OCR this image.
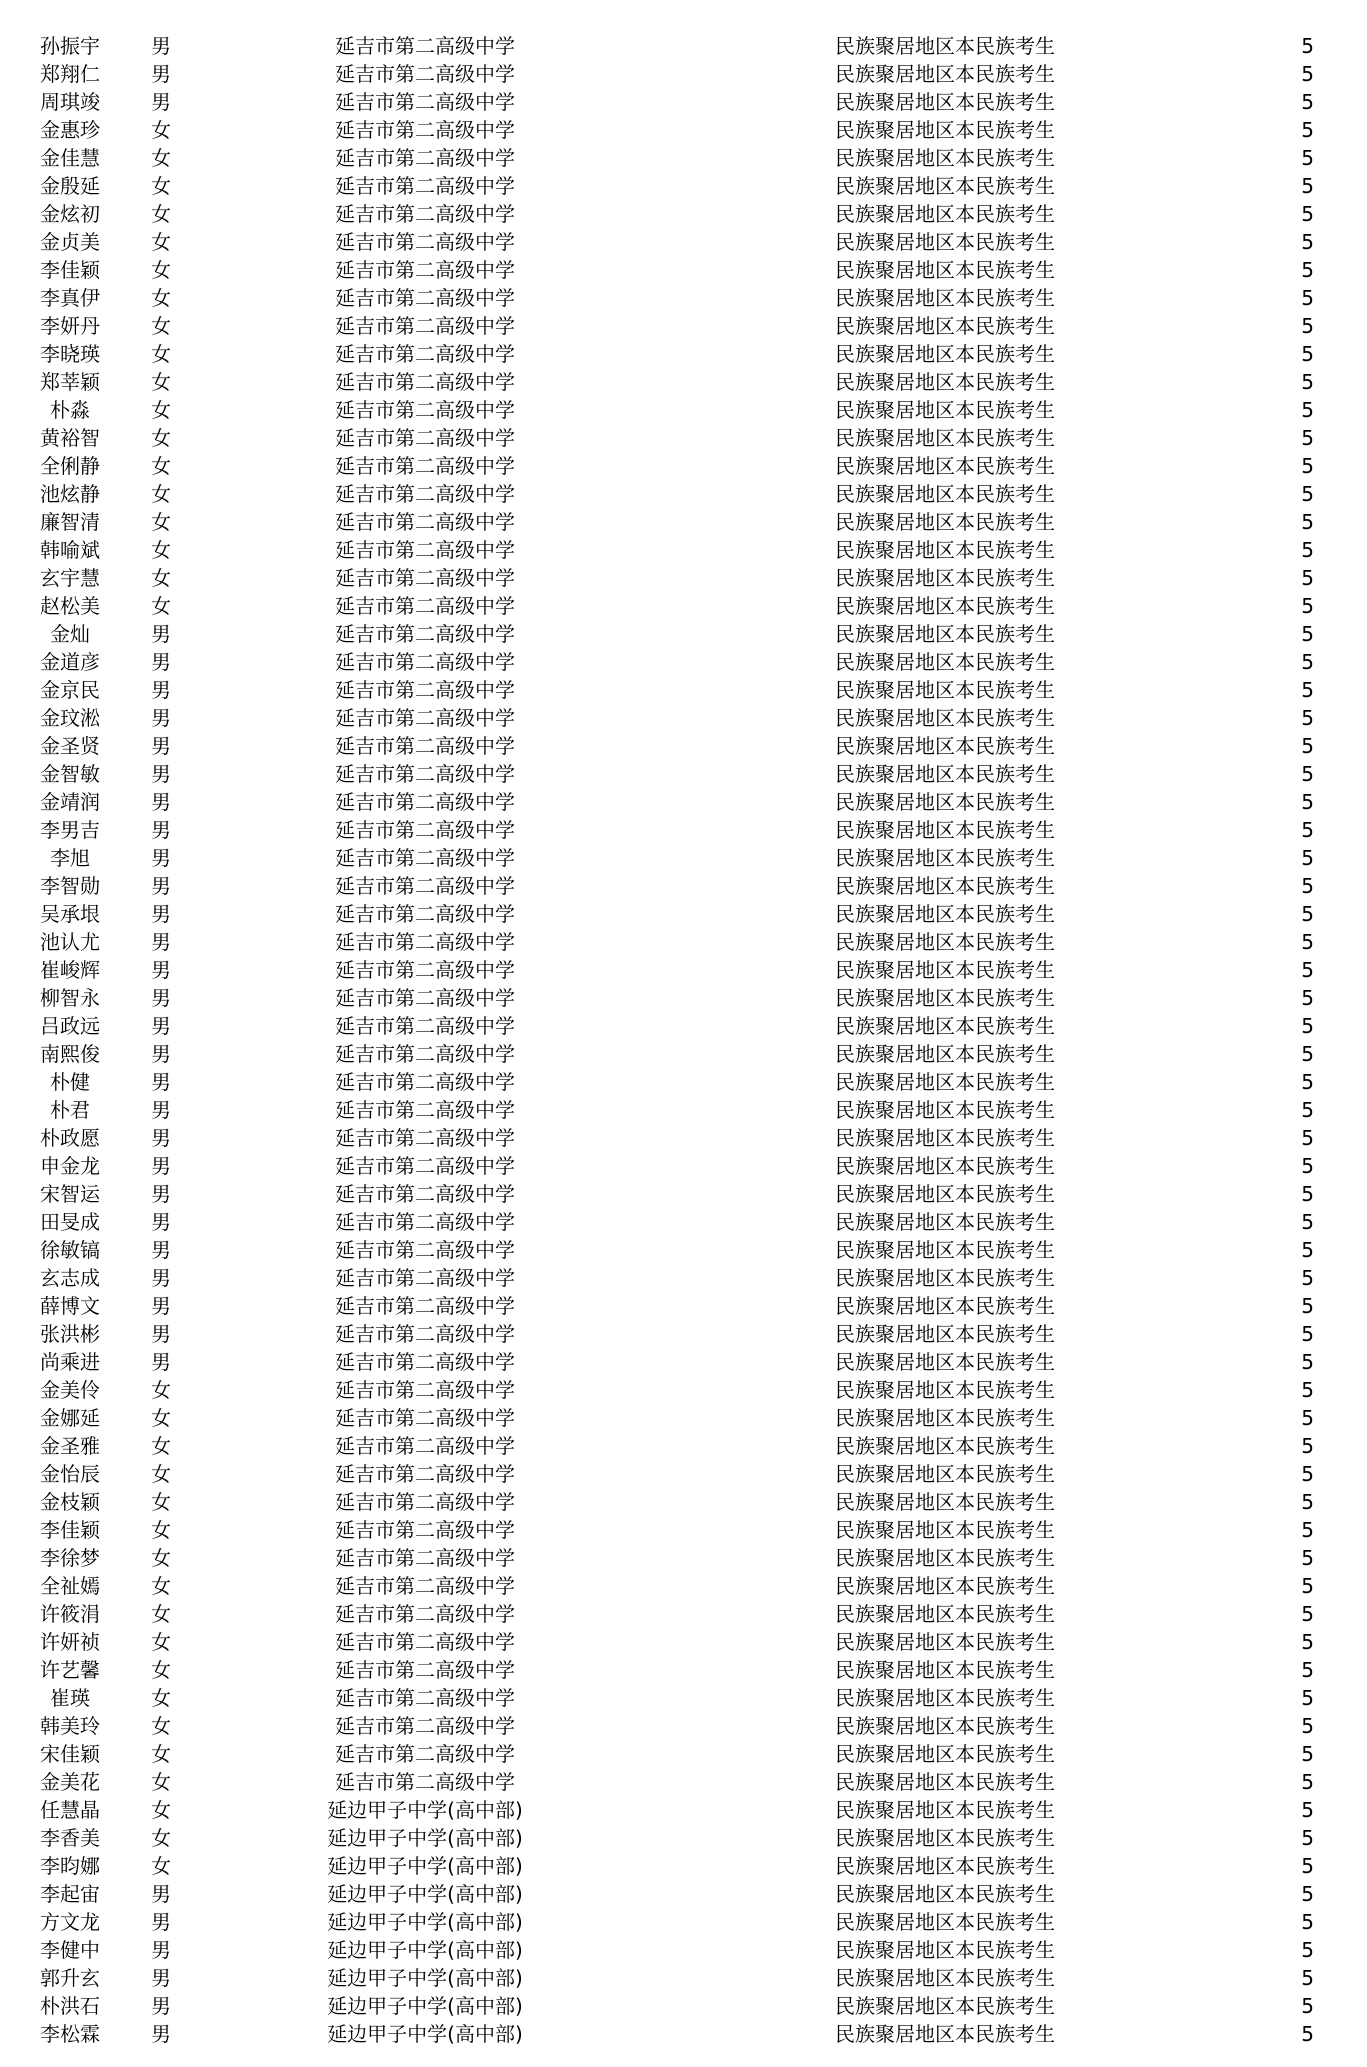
孙振宇	男	延吉市第二高级中学	民族聚居地区本民族考生	5
郑翔仁	男	延吉市第二高级中学	民族聚居地区本民族考生	5
周琪竣	男	延吉市第二高级中学	民族聚居地区本民族考生	5
金惠珍	女	延吉市第二高级中学	民族聚居地区本民族考生	5
金佳慧	女	延吉市第二高级中学	民族聚居地区本民族考生	5
金殷延	女	延吉市第二高级中学	民族聚居地区本民族考生	5
金炫初	女	延吉市第二高级中学	民族聚居地区本民族考生	5
金贞美	女	延吉市第二高级中学	民族聚居地区本民族考生	5
李佳颖	女	延吉市第二高级中学	民族聚居地区本民族考生	5
李真伊	女	延吉市第二高级中学	民族聚居地区本民族考生	5
李妍丹	女	延吉市第二高级中学	民族聚居地区本民族考生	5
李晓瑛	女	延吉市第二高级中学	民族聚居地区本民族考生	5
郑莘颖	女	延吉市第二高级中学	民族聚居地区本民族考生	5
朴淼	女	延吉市第二高级中学	民族聚居地区本民族考生	5
黄裕智	女	延吉市第二高级中学	民族聚居地区本民族考生	5
全俐静	女	延吉市第二高级中学	民族聚居地区本民族考生	5
池炫静	女	延吉市第二高级中学	民族聚居地区本民族考生	5
廉智清	女	延吉市第二高级中学	民族聚居地区本民族考生	5
韩喻斌	女	延吉市第二高级中学	民族聚居地区本民族考生	5
玄宇慧	女	延吉市第二高级中学	民族聚居地区本民族考生	5
赵松美	女	延吉市第二高级中学	民族聚居地区本民族考生	5
金灿	男	延吉市第二高级中学	民族聚居地区本民族考生	5
金道彦	男	延吉市第二高级中学	民族聚居地区本民族考生	5
金京民	男	延吉市第二高级中学	民族聚居地区本民族考生	5
金玟淞	男	延吉市第二高级中学	民族聚居地区本民族考生	5
金圣贤	男	延吉市第二高级中学	民族聚居地区本民族考生	5
金智敏	男	延吉市第二高级中学	民族聚居地区本民族考生	5
金靖润	男	延吉市第二高级中学	民族聚居地区本民族考生	5
李男吉	男	延吉市第二高级中学	民族聚居地区本民族考生	5
李旭	男	延吉市第二高级中学	民族聚居地区本民族考生	5
李智勋	男	延吉市第二高级中学	民族聚居地区本民族考生	5
吴承垠	男	延吉市第二高级中学	民族聚居地区本民族考生	5
池认尤	男	延吉市第二高级中学	民族聚居地区本民族考生	5
崔峻辉	男	延吉市第二高级中学	民族聚居地区本民族考生	5
柳智永	男	延吉市第二高级中学	民族聚居地区本民族考生	5
吕政远	男	延吉市第二高级中学	民族聚居地区本民族考生	5
南熙俊	男	延吉市第二高级中学	民族聚居地区本民族考生	5
朴健	男	延吉市第二高级中学	民族聚居地区本民族考生	5
朴君	男	延吉市第二高级中学	民族聚居地区本民族考生	5
朴政愿	男	延吉市第二高级中学	民族聚居地区本民族考生	5
申金龙	男	延吉市第二高级中学	民族聚居地区本民族考生	5
宋智运	男	延吉市第二高级中学	民族聚居地区本民族考生	5
田旻成	男	延吉市第二高级中学	民族聚居地区本民族考生	5
徐敏镐	男	延吉市第二高级中学	民族聚居地区本民族考生	5
玄志成	男	延吉市第二高级中学	民族聚居地区本民族考生	5
薛博文	男	延吉市第二高级中学	民族聚居地区本民族考生	5
张洪彬	男	延吉市第二高级中学	民族聚居地区本民族考生	5
尚乘进	男	延吉市第二高级中学	民族聚居地区本民族考生	5
金美伶	女	延吉市第二高级中学	民族聚居地区本民族考生	5
金娜延	女	延吉市第二高级中学	民族聚居地区本民族考生	5
金圣雅	女	延吉市第二高级中学	民族聚居地区本民族考生	5
金怡辰	女	延吉市第二高级中学	民族聚居地区本民族考生	5
金枝颖	女	延吉市第二高级中学	民族聚居地区本民族考生	5
李佳颖	女	延吉市第二高级中学	民族聚居地区本民族考生	5
李徐梦	女	延吉市第二高级中学	民族聚居地区本民族考生	5
全祉嫣	女	延吉市第二高级中学	民族聚居地区本民族考生	5
许筱涓	女	延吉市第二高级中学	民族聚居地区本民族考生	5
许妍祯	女	延吉市第二高级中学	民族聚居地区本民族考生	5
许艺馨	女	延吉市第二高级中学	民族聚居地区本民族考生	5
崔瑛	女	延吉市第二高级中学	民族聚居地区本民族考生	5
韩美玲	女	延吉市第二高级中学	民族聚居地区本民族考生	5
宋佳颖	女	延吉市第二高级中学	民族聚居地区本民族考生	5
金美花	女	延吉市第二高级中学	民族聚居地区本民族考生	5
任慧晶	女	延边甲子中学(高中部)	民族聚居地区本民族考生	5
李香美	女	延边甲子中学(高中部)	民族聚居地区本民族考生	5
李昀娜	女	延边甲子中学(高中部)	民族聚居地区本民族考生	5
李起宙	男	延边甲子中学(高中部)	民族聚居地区本民族考生	5
方文龙	男	延边甲子中学(高中部)	民族聚居地区本民族考生	5
李健中	男	延边甲子中学(高中部)	民族聚居地区本民族考生	5
郭升玄	男	延边甲子中学(高中部)	民族聚居地区本民族考生	5
朴洪石	男	延边甲子中学(高中部)	民族聚居地区本民族考生	5
李松霖	男	延边甲子中学(高中部)	民族聚居地区本民族考生	5
